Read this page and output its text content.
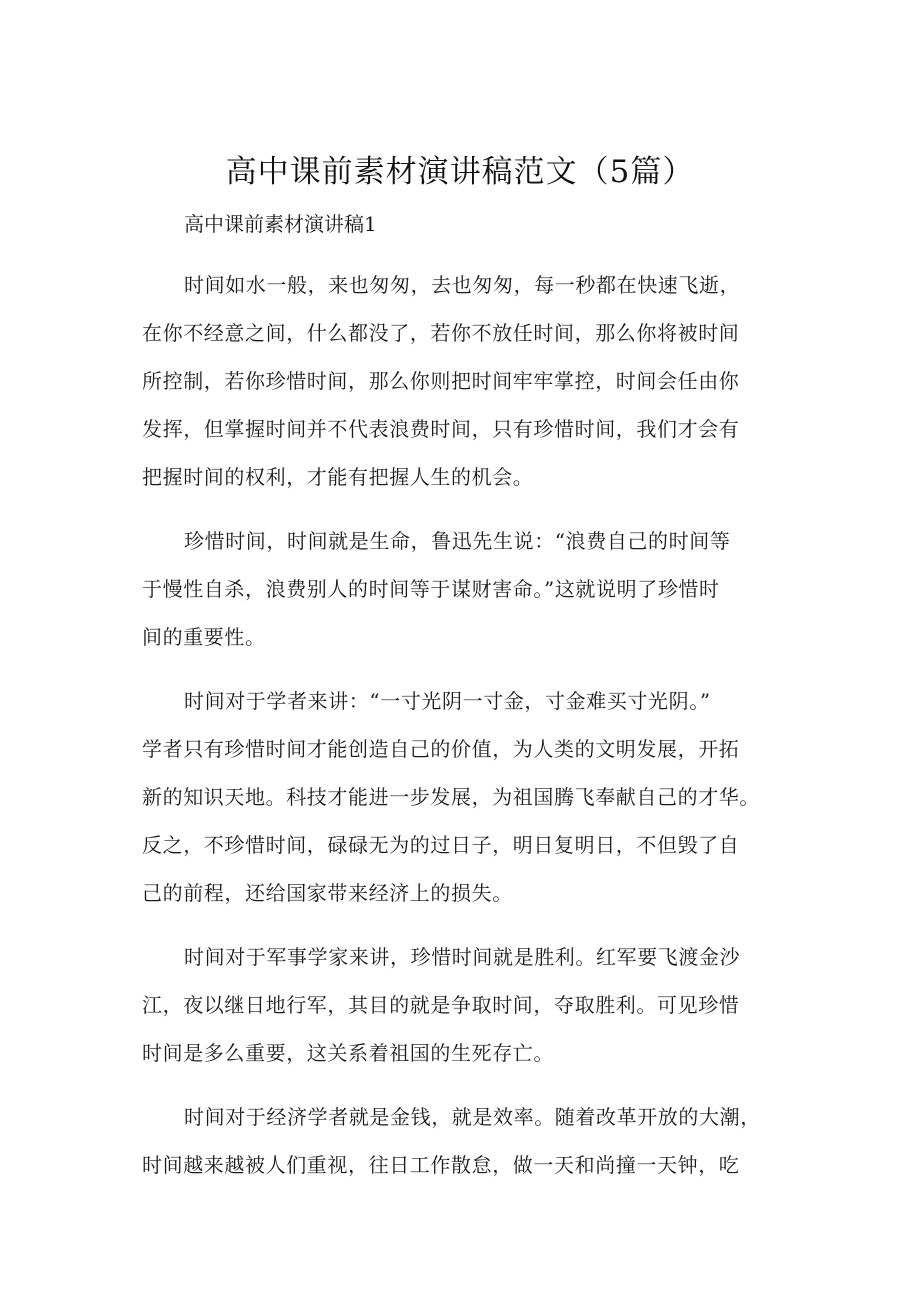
高中课前素材演讲稿范文（5篇）
高中课前素材演讲稿1
时间如水一般，来也匆匆，去也匆匆，每一秒都在快速飞逝，
在你不经意之间，什么都没了，若你不放任时间，那么你将被时间
所控制，若你珍惜时间，那么你则把时间牢牢掌控，时间会任由你
发挥，但掌握时间并不代表浪费时间，只有珍惜时间，我们才会有
把握时间的权利，才能有把握人生的机会。
珍惜时间，时间就是生命，鲁迅先生说：“浪费自己的时间等
于慢性自杀，浪费别人的时间等于谋财害命。”这就说明了珍惜时
间的重要性。
时间对于学者来讲：“一寸光阴一寸金，寸金难买寸光阴。”
学者只有珍惜时间才能创造自己的价值，为人类的文明发展，开拓
新的知识天地。科技才能进一步发展，为祖国腾飞奉献自己的才华。
反之，不珍惜时间，碌碌无为的过日子，明日复明日，不但毁了自
己的前程，还给国家带来经济上的损失。
时间对于军事学家来讲，珍惜时间就是胜利。红军要飞渡金沙
江，夜以继日地行军，其目的就是争取时间，夺取胜利。可见珍惜
时间是多么重要，这关系着祖国的生死存亡。
时间对于经济学者就是金钱，就是效率。随着改革开放的大潮，
时间越来越被人们重视，往日工作散怠，做一天和尚撞一天钟，吃
